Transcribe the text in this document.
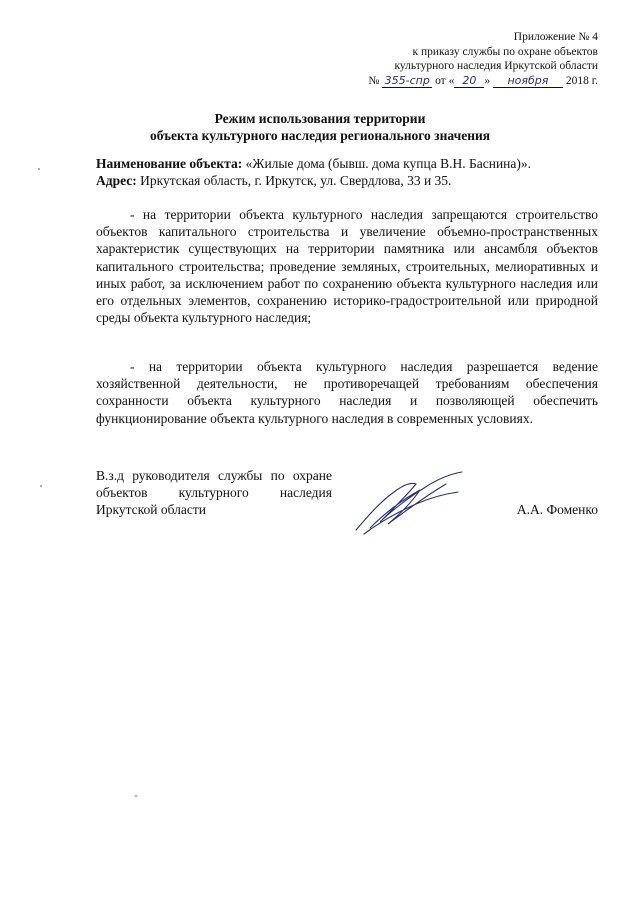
Приложение № 4
к приказу службы по охране объектов
культурного наследия Иркутской области
№ 355-спр от « 20 » ноября 2018 г.
Режим использования территории
объекта культурного наследия регионального значения
Наименование объекта: «Жилые дома (бывш. дома купца В.Н. Баснина)».
Адрес: Иркутская область, г. Иркутск, ул. Свердлова, 33 и 35.

- на территории объекта культурного наследия запрещаются строительство объектов капитального строительства и увеличение объемно-пространственных характеристик существующих на территории памятника или ансамбля объектов капитального строительства; проведение земляных, строительных, мелиоративных и иных работ, за исключением работ по сохранению объекта культурного наследия или его отдельных элементов, сохранению историко-градостроительной или природной среды объекта культурного наследия;

- на территории объекта культурного наследия разрешается ведение хозяйственной деятельности, не противоречащей требованиям обеспечения сохранности объекта культурного наследия и позволяющей обеспечить функционирование объекта культурного наследия в современных условиях.

В.з.д руководителя службы по охране объектов культурного наследия Иркутской области	А.А. Фоменко
